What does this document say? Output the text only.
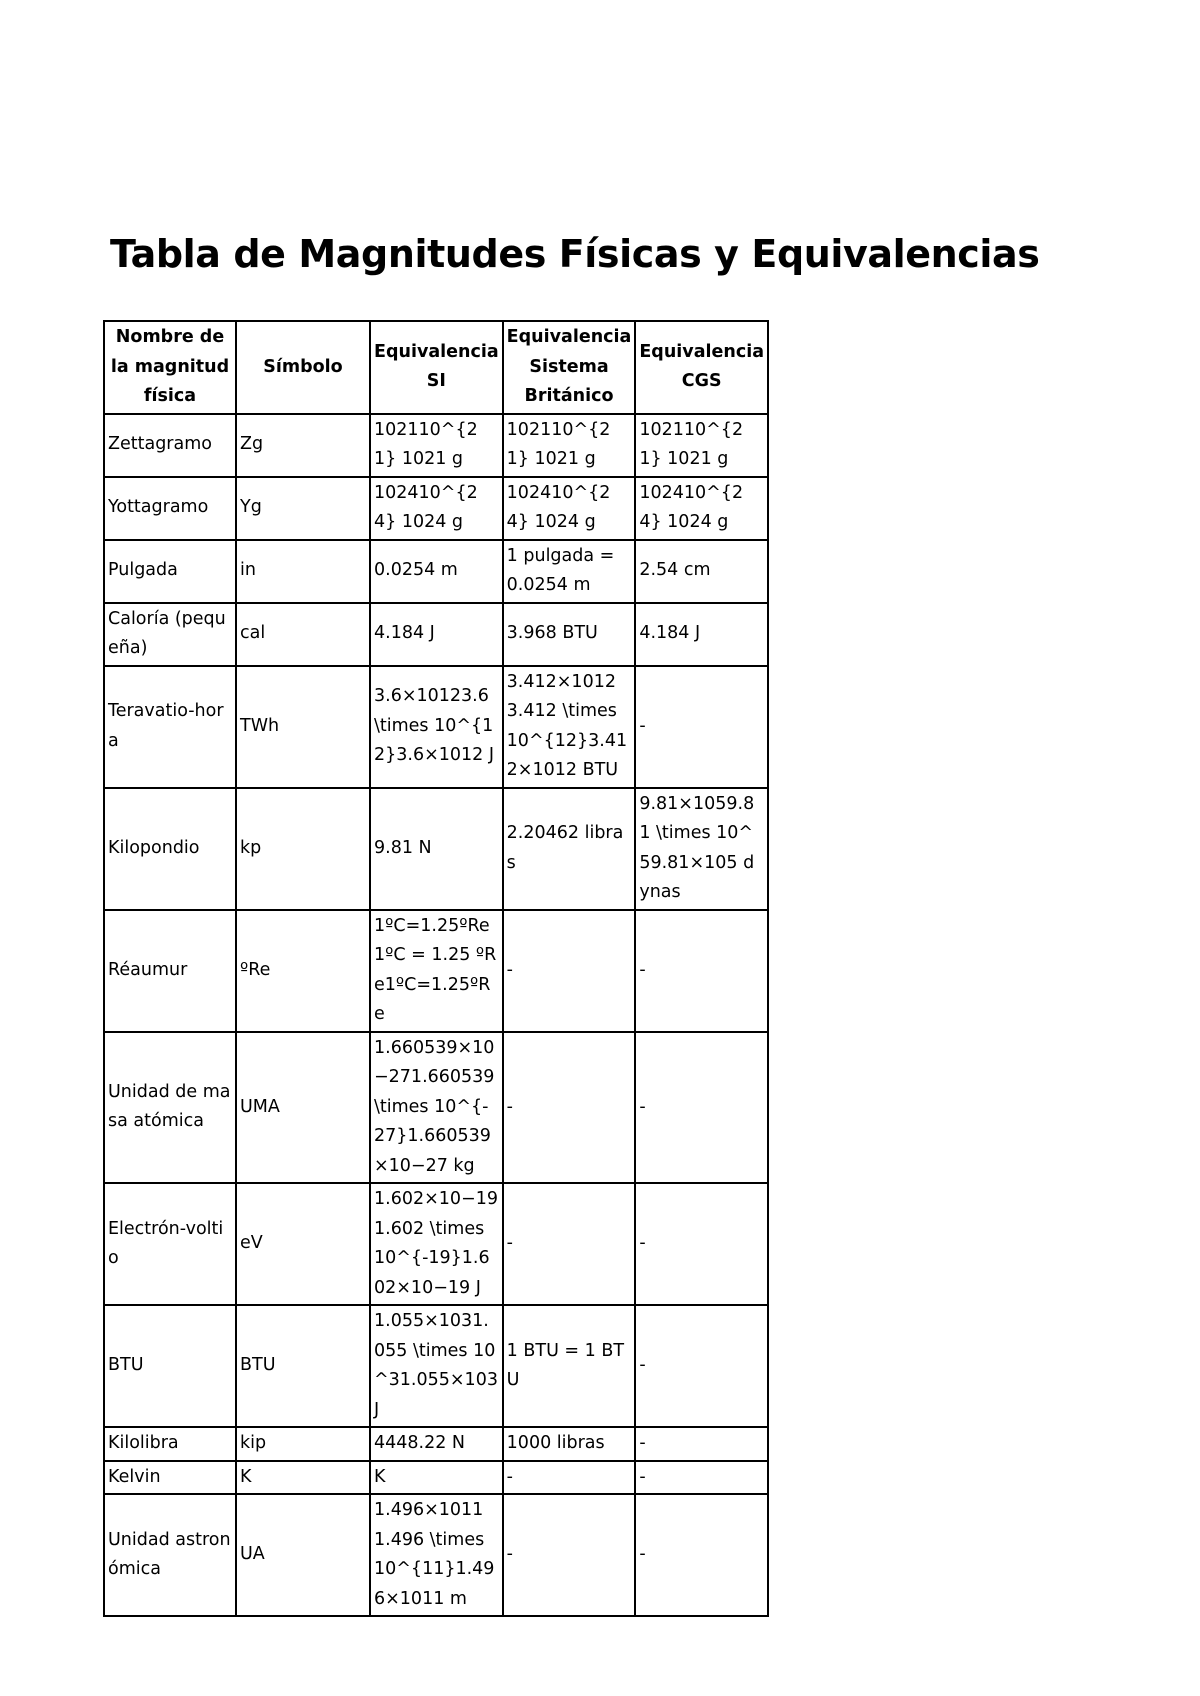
Tabla de Magnitudes Físicas y Equivalencias
Nombre de la magnitud física	Símbolo	Equivalencia SI	Equivalencia Sistema Británico	Equivalencia CGS
Zettagramo	Zg	102110^{21} 1021 g	102110^{21} 1021 g	102110^{21} 1021 g
Yottagramo	Yg	102410^{24} 1024 g	102410^{24} 1024 g	102410^{24} 1024 g
Pulgada	in	0.0254 m	1 pulgada = 0.0254 m	2.54 cm
Caloría (pequeña)	cal	4.184 J	3.968 BTU	4.184 J
Teravatio-hora	TWh	3.6×10123.6 \times 10^{12}3.6×1012 J	3.412×10123.412 \times 10^{12}3.412×1012 BTU	-
Kilopondio	kp	9.81 N	2.20462 libras	9.81×1059.81 \times 10^59.81×105 dynas
Réaumur	ºRe	1ºC=1.25ºRe1ºC = 1.25 ºRe1ºC=1.25ºRe	-	-
Unidad de masa atómica	UMA	1.660539×10−271.660539 \times 10^{-27}1.660539×10−27 kg	-	-
Electrón-voltio	eV	1.602×10−191.602 \times 10^{-19}1.602×10−19 J	-	-
BTU	BTU	1.055×1031.055 \times 10^31.055×103 J	1 BTU = 1 BTU	-
Kilolibra	kip	4448.22 N	1000 libras	-
Kelvin	K	K	-	-
Unidad astronómica	UA	1.496×10111.496 \times 10^{11}1.496×1011 m	-	-
